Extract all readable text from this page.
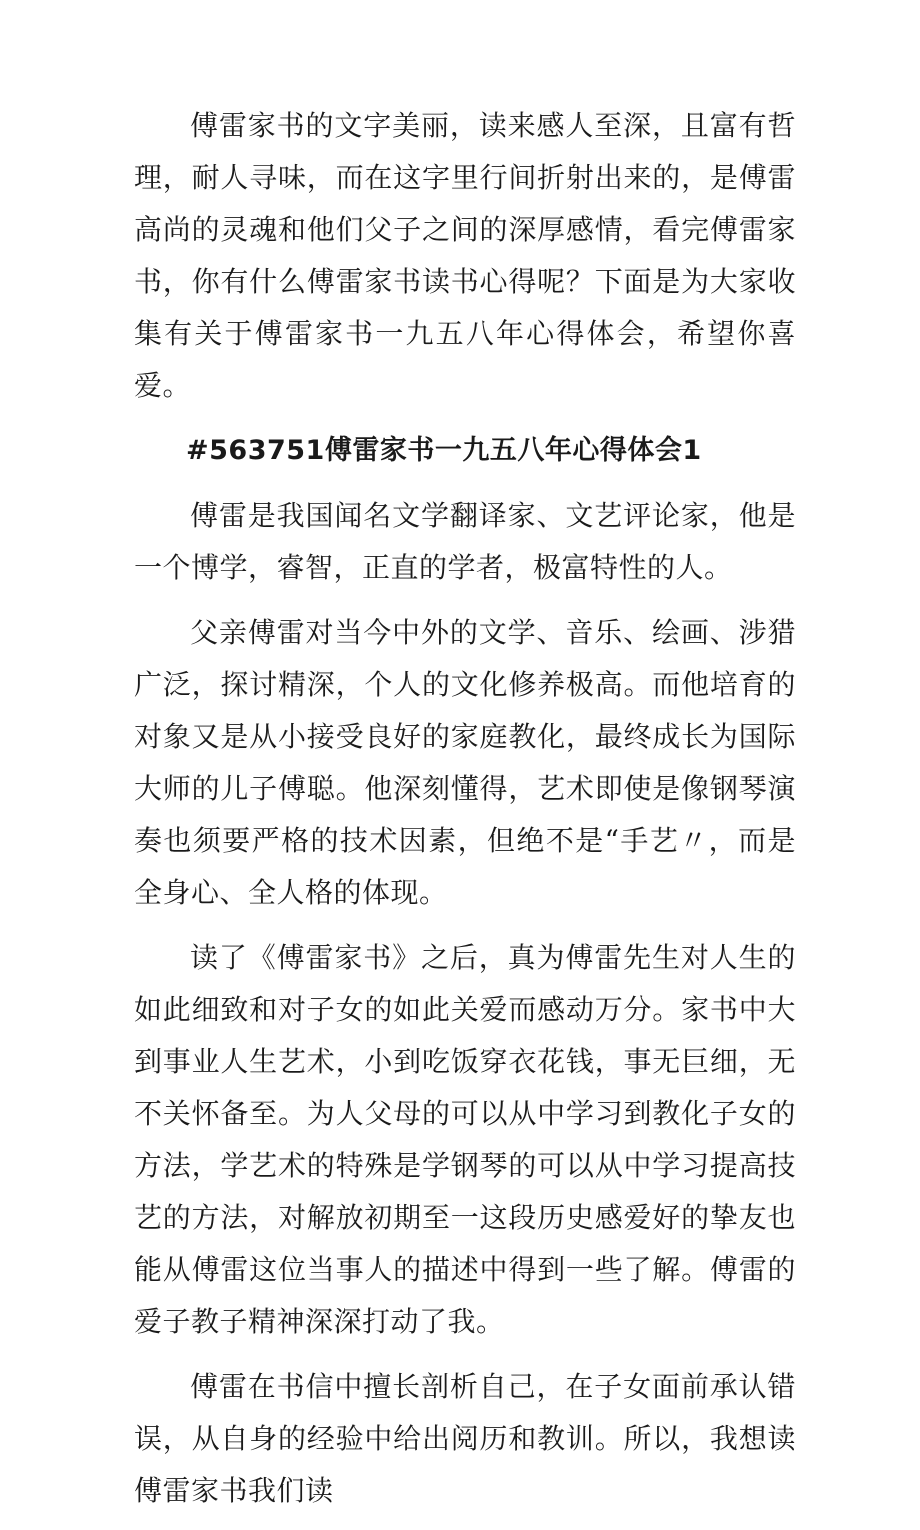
傅雷家书的文字美丽，读来感人至深，且富有哲理，耐人寻味，而在这字里行间折射出来的，是傅雷高尚的灵魂和他们父子之间的深厚感情，看完傅雷家书，你有什么傅雷家书读书心得呢？下面是为大家收集有关于傅雷家书一九五八年心得体会，希望你喜爱。

#563751傅雷家书一九五八年心得体会1

傅雷是我国闻名文学翻译家、文艺评论家，他是一个博学，睿智，正直的学者，极富特性的人。

父亲傅雷对当今中外的文学、音乐、绘画、涉猎广泛，探讨精深，个人的文化修养极高。而他培育的对象又是从小接受良好的家庭教化，最终成长为国际大师的儿子傅聪。他深刻懂得，艺术即使是像钢琴演奏也须要严格的技术因素，但绝不是“手艺〃，而是全身心、全人格的体现。

读了《傅雷家书》之后，真为傅雷先生对人生的如此细致和对子女的如此关爱而感动万分。家书中大到事业人生艺术，小到吃饭穿衣花钱，事无巨细，无不关怀备至。为人父母的可以从中学习到教化子女的方法，学艺术的特殊是学钢琴的可以从中学习提高技艺的方法，对解放初期至一这段历史感爱好的挚友也能从傅雷这位当事人的描述中得到一些了解。傅雷的爱子教子精神深深打动了我。

傅雷在书信中擅长剖析自己，在子女面前承认错误，从自身的经验中给出阅历和教训。所以，我想读傅雷家书我们读
